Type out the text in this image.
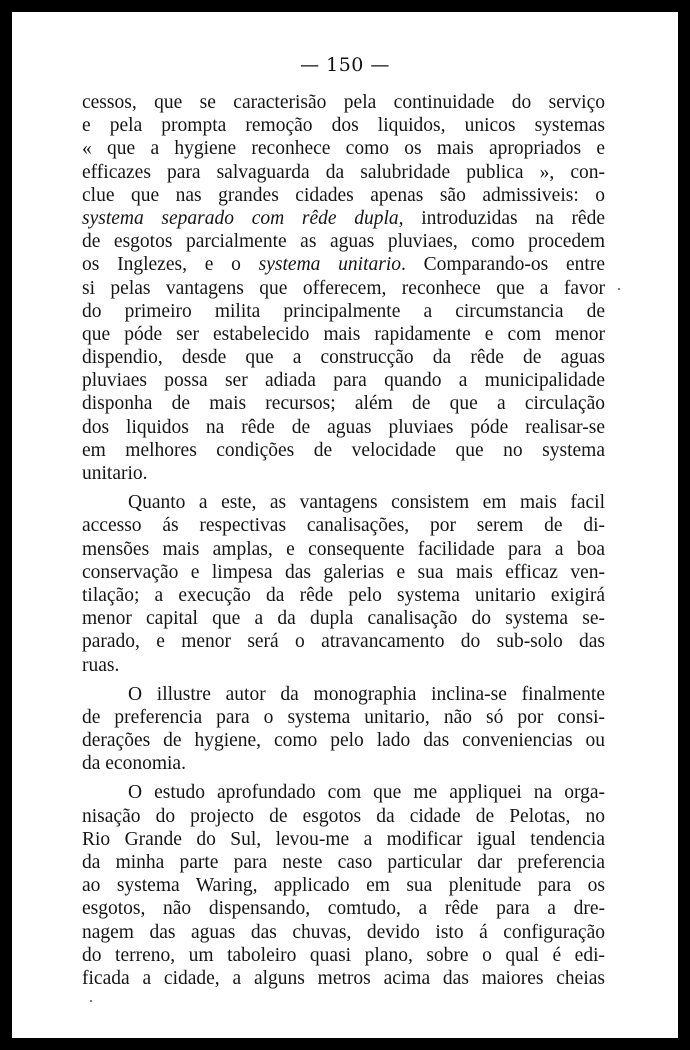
— 150 —
cessos, que se caracterisão pela continuidade do serviço
e pela prompta remoção dos liquidos, unicos systemas
« que a hygiene reconhece como os mais apropriados e
efficazes para salvaguarda da salubridade publica », con-
clue que nas grandes cidades apenas são admissiveis: o
systema separado com rêde dupla, introduzidas na rêde
de esgotos parcialmente as aguas pluviaes, como procedem
os Inglezes, e o systema unitario. Comparando-os entre
si pelas vantagens que offerecem, reconhece que a favor
do primeiro milita principalmente a circumstancia de
que póde ser estabelecido mais rapidamente e com menor
dispendio, desde que a construcção da rêde de aguas
pluviaes possa ser adiada para quando a municipalidade
disponha de mais recursos; além de que a circulação
dos liquidos na rêde de aguas pluviaes póde realisar-se
em melhores condições de velocidade que no systema
unitario.
Quanto a este, as vantagens consistem em mais facil
accesso ás respectivas canalisações, por serem de di-
mensões mais amplas, e consequente facilidade para a boa
conservação e limpesa das galerias e sua mais efficaz ven-
tilação; a execução da rêde pelo systema unitario exigirá
menor capital que a da dupla canalisação do systema se-
parado, e menor será o atravancamento do sub-solo das
ruas.
O illustre autor da monographia inclina-se finalmente
de preferencia para o systema unitario, não só por consi-
derações de hygiene, como pelo lado das conveniencias ou
da economia.
O estudo aprofundado com que me appliquei na orga-
nisação do projecto de esgotos da cidade de Pelotas, no
Rio Grande do Sul, levou-me a modificar igual tendencia
da minha parte para neste caso particular dar preferencia
ao systema Waring, applicado em sua plenitude para os
esgotos, não dispensando, comtudo, a rêde para a dre-
nagem das aguas das chuvas, devido isto á configuração
do terreno, um taboleiro quasi plano, sobre o qual é edi-
ficada a cidade, a alguns metros acima das maiores cheias
